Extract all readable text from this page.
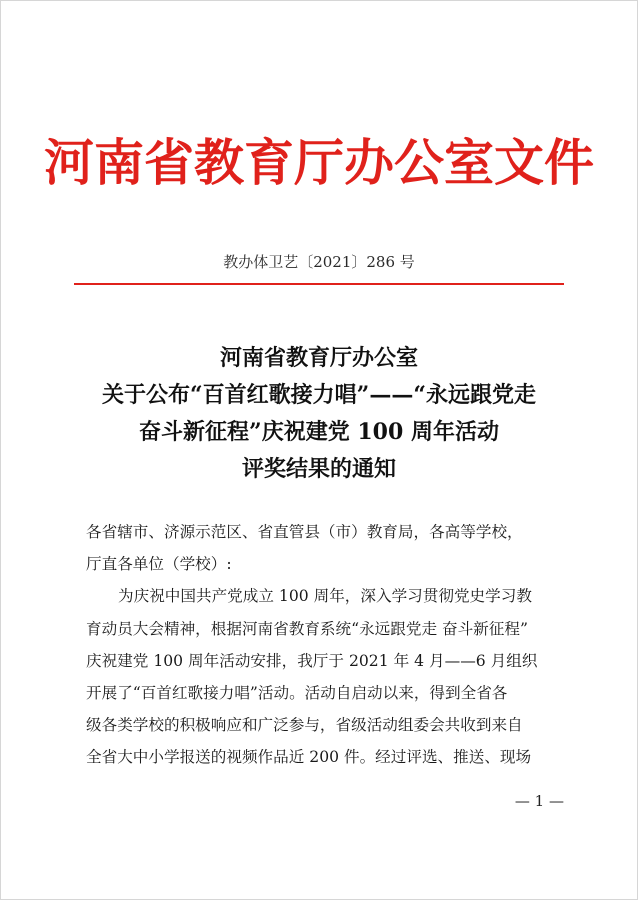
河南省教育厅办公室文件
教办体卫艺〔2021〕286 号
河南省教育厅办公室
关于公布“百首红歌接力唱”——“永远跟党走
奋斗新征程”庆祝建党 100 周年活动
评奖结果的通知
各省辖市、济源示范区、省直管县（市）教育局，各高等学校，
厅直各单位（学校）:
为庆祝中国共产党成立 100 周年，深入学习贯彻党史学习教
育动员大会精神，根据河南省教育系统“永远跟党走 奋斗新征程”
庆祝建党 100 周年活动安排，我厅于 2021 年 4 月——6 月组织
开展了“百首红歌接力唱”活动。活动自启动以来，得到全省各
级各类学校的积极响应和广泛参与，省级活动组委会共收到来自
全省大中小学报送的视频作品近 200 件。经过评选、推送、现场
— 1 —
